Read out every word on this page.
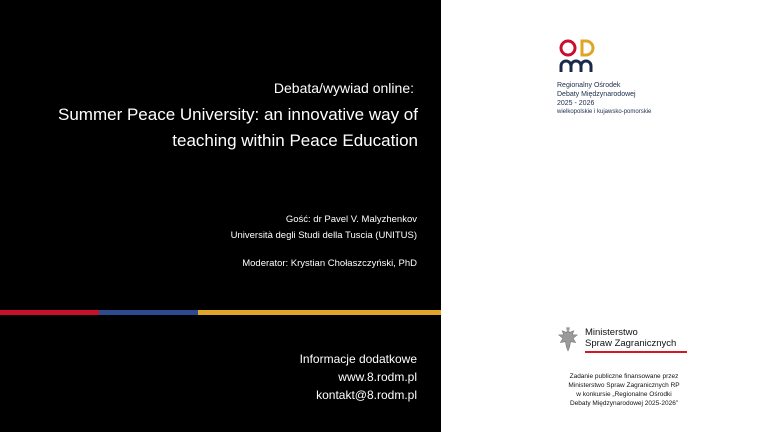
Debata/wywiad online:
Summer Peace University: an innovative way of
teaching within Peace Education
Gość: dr Pavel V. Malyzhenkov
Università degli Studi della Tuscia (UNITUS)
Moderator: Krystian Chołaszczyński, PhD
Informacje dodatkowe
www.8.rodm.pl
kontakt@8.rodm.pl
Regionalny Ośrodek
Debaty Międzynarodowej
2025 - 2026
wielkopolskie i kujawsko-pomorskie
Ministerstwo
Spraw Zagranicznych
Zadanie publiczne finansowane przez
Ministerstwo Spraw Zagranicznych RP
w konkursie „Regionalne Ośrodki
Debaty Międzynarodowej 2025-2026”
